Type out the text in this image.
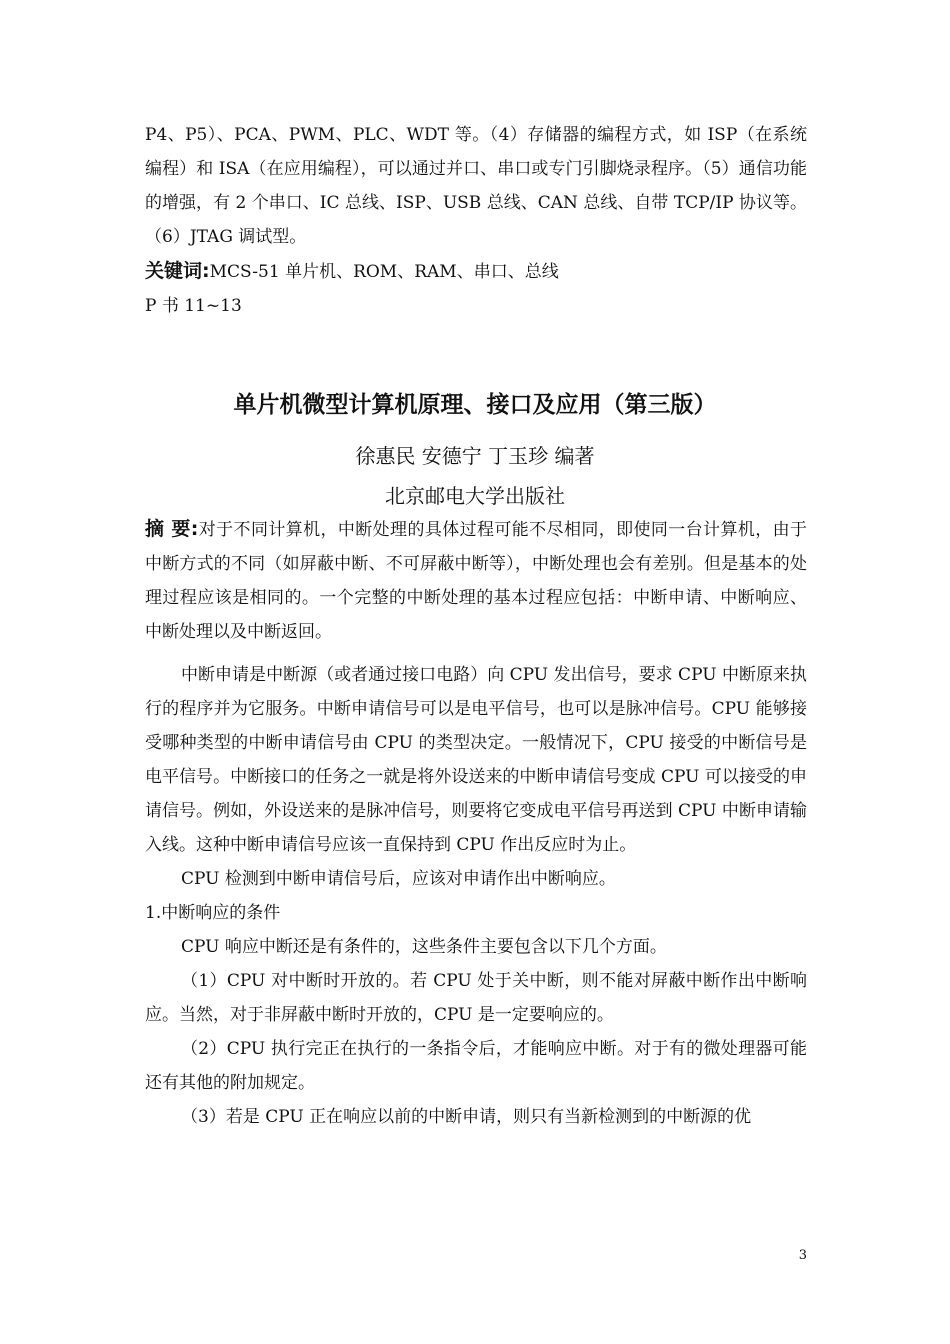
P4、P5）、PCA、PWM、PLC、WDT 等。（4）存储器的编程方式，如 ISP（在系统编程）和 ISA（在应用编程），可以通过并口、串口或专门引脚烧录程序。（5）通信功能的增强，有 2 个串口、IC 总线、ISP、USB 总线、CAN 总线、自带 TCP/IP 协议等。（6）JTAG 调试型。

关键词:MCS-51 单片机、ROM、RAM、串口、总线

P 书 11~13

单片机微型计算机原理、接口及应用（第三版）
徐惠民 安德宁 丁玉珍 编著
北京邮电大学出版社

摘 要:对于不同计算机，中断处理的具体过程可能不尽相同，即使同一台计算机，由于中断方式的不同（如屏蔽中断、不可屏蔽中断等），中断处理也会有差别。但是基本的处理过程应该是相同的。一个完整的中断处理的基本过程应包括：中断申请、中断响应、中断处理以及中断返回。

中断申请是中断源（或者通过接口电路）向 CPU 发出信号，要求 CPU 中断原来执行的程序并为它服务。中断申请信号可以是电平信号，也可以是脉冲信号。CPU 能够接受哪种类型的中断申请信号由 CPU 的类型决定。一般情况下，CPU 接受的中断信号是电平信号。中断接口的任务之一就是将外设送来的中断申请信号变成 CPU 可以接受的申请信号。例如，外设送来的是脉冲信号，则要将它变成电平信号再送到 CPU 中断申请输入线。这种中断申请信号应该一直保持到 CPU 作出反应时为止。

CPU 检测到中断申请信号后，应该对申请作出中断响应。

1.中断响应的条件

CPU 响应中断还是有条件的，这些条件主要包含以下几个方面。

（1）CPU 对中断时开放的。若 CPU 处于关中断，则不能对屏蔽中断作出中断响应。当然，对于非屏蔽中断时开放的，CPU 是一定要响应的。

（2）CPU 执行完正在执行的一条指令后，才能响应中断。对于有的微处理器可能还有其他的附加规定。

（3）若是 CPU 正在响应以前的中断申请，则只有当新检测到的中断源的优

3
